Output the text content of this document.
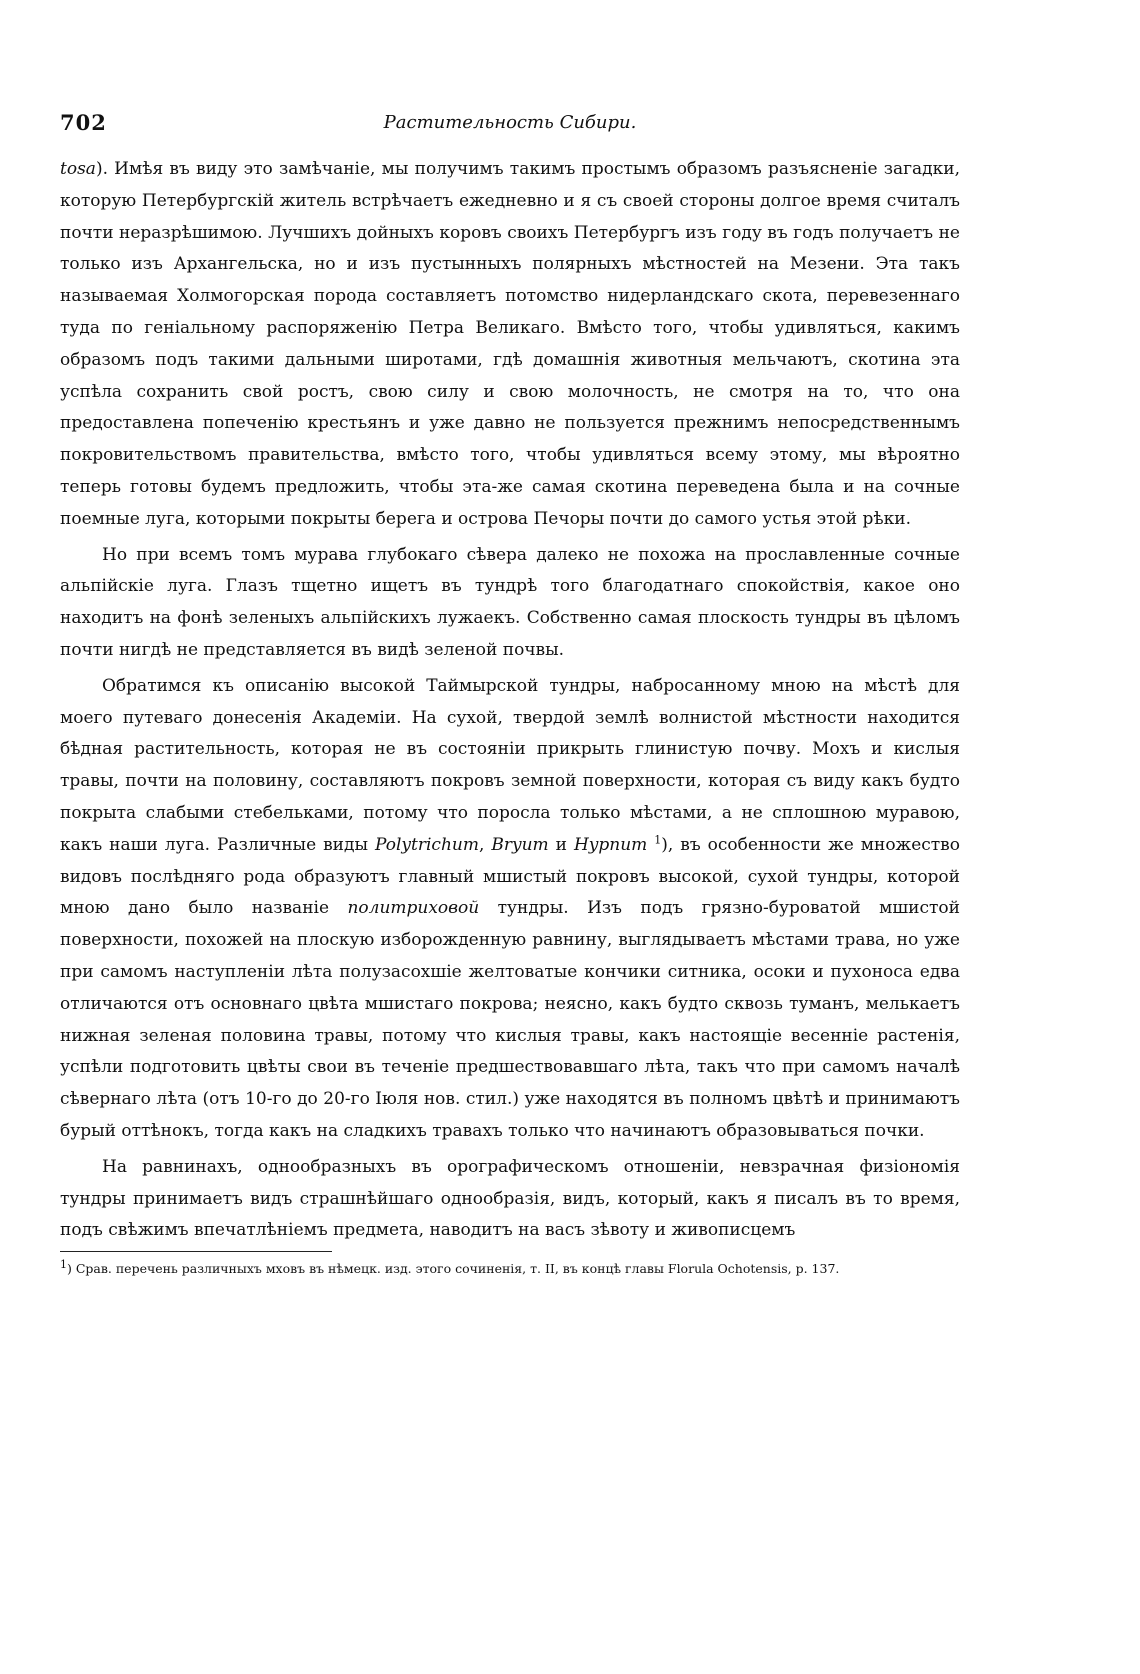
702	Растительность Сибири.

tosa). Имѣя въ виду это замѣчаніе, мы получимъ такимъ простымъ образомъ разъясненіе загадки, которую Петербургскій житель встрѣчаетъ ежедневно и я съ своей стороны долгое время считалъ почти неразрѣшимою. Лучшихъ дойныхъ коровъ своихъ Петербургъ изъ году въ годъ получаетъ не только изъ Архангельска, но и изъ пустынныхъ полярныхъ мѣстностей на Мезени. Эта такъ называемая Холмогорская порода составляетъ потомство нидерландскаго скота, перевезеннаго туда по геніальному распоряженію Петра Великаго. Вмѣсто того, чтобы удивляться, какимъ образомъ подъ такими дальными широтами, гдѣ домашнія животныя мельчаютъ, скотина эта успѣла сохранить свой ростъ, свою силу и свою молочность, не смотря на то, что она предоставлена попеченію крестьянъ и уже давно не пользуется прежнимъ непосредственнымъ покровительствомъ правительства, вмѣсто того, чтобы удивляться всему этому, мы вѣроятно теперь готовы будемъ предложить, чтобы эта-же самая скотина переведена была и на сочные поемные луга, которыми покрыты берега и острова Печоры почти до самого устья этой рѣки.

Но при всемъ томъ мурава глубокаго сѣвера далеко не похожа на прославленные сочные альпійскіе луга. Глазъ тщетно ищетъ въ тундрѣ того благодатнаго спокойствія, какое оно находитъ на фонѣ зеленыхъ альпійскихъ лужаекъ. Собственно самая плоскость тундры въ цѣломъ почти нигдѣ не представляется въ видѣ зеленой почвы.

Обратимся къ описанію высокой Таймырской тундры, набросанному мною на мѣстѣ для моего путеваго донесенія Академіи. На сухой, твердой землѣ волнистой мѣстности находится бѣдная растительность, которая не въ состояніи прикрыть глинистую почву. Мохъ и кислыя травы, почти на половину, составляютъ покровъ земной поверхности, которая съ виду какъ будто покрыта слабыми стебельками, потому что поросла только мѣстами, а не сплошною муравою, какъ наши луга. Различные виды Polytrichum, Bryum и Hypnum $^1$), въ особенности же множество видовъ послѣдняго рода образуютъ главный мшистый покровъ высокой, сухой тундры, которой мною дано было названіе политриховой тундры. Изъ подъ грязно-буроватой мшистой поверхности, похожей на плоскую изборожденную равнину, выглядываетъ мѣстами трава, но уже при самомъ наступленіи лѣта полузасохшіе желтоватые кончики ситника, осоки и пухоноса едва отличаются отъ основнаго цвѣта мшистаго покрова; неясно, какъ будто сквозь туманъ, мелькаетъ нижная зеленая половина травы, потому что кислыя травы, какъ настоящіе весенніе растенія, успѣли подготовить цвѣты свои въ теченіе предшествовавшаго лѣта, такъ что при самомъ началѣ сѣвернаго лѣта (отъ 10-го до 20-го Іюля нов. стил.) уже находятся въ полномъ цвѣтѣ и принимаютъ бурый оттѣнокъ, тогда какъ на сладкихъ травахъ только что начинаютъ образовываться почки.

На равнинахъ, однообразныхъ въ орографическомъ отношеніи, невзрачная физіономія тундры принимаетъ видъ страшнѣйшаго однообразія, видъ, который, какъ я писалъ въ то время, подъ свѣжимъ впечатлѣніемъ предмета, наводитъ на васъ зѣвоту и живописцемъ

$^1$) Срав. перечень различныхъ мховъ въ нѣмецк. изд. этого сочиненія, т. II, въ концѣ главы Florula Ochotensis, p. 137.
